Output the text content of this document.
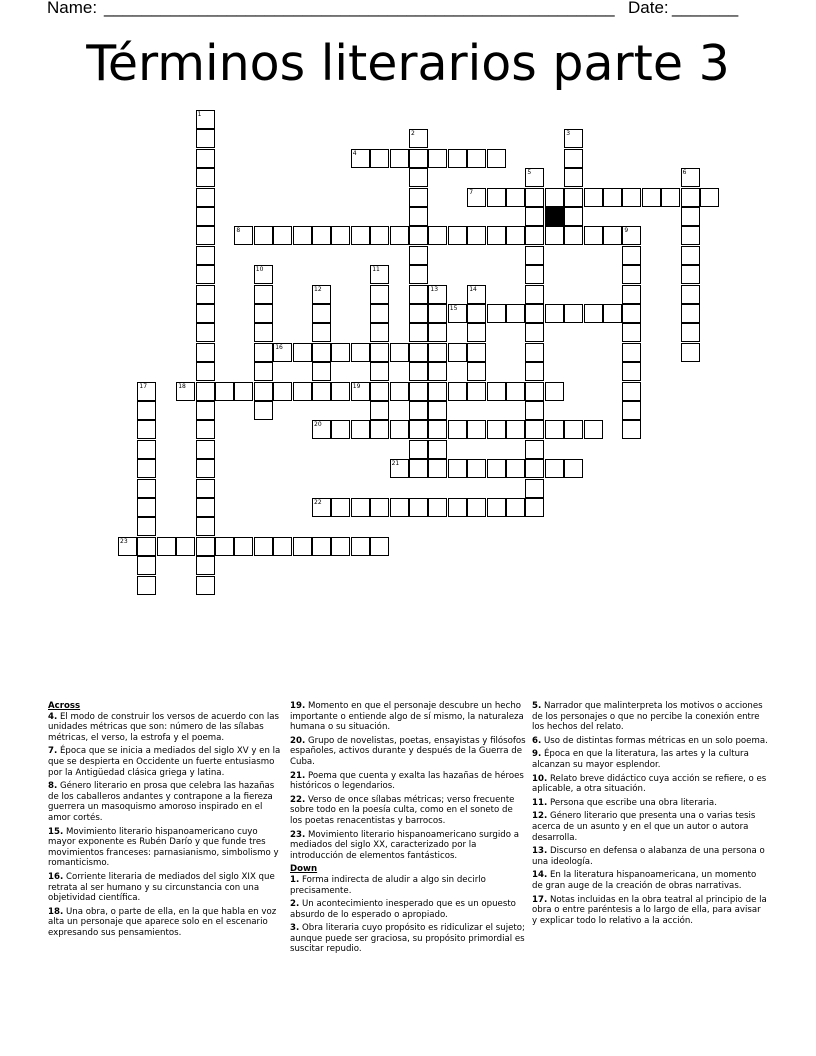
Name: ______________________________________________________ Date: _______
Términos literarios parte 3
4
7
8
15
16
18	19
20
21
22
23
1
2	3
5	6
9
10	11
12	13	14
17

Across

4. El modo de construir los versos de acuerdo con las unidades métricas que son: número de las sílabas métricas, el verso, la estrofa y el poema.

7. Época que se inicia a mediados del siglo XV y en la que se despierta en Occidente un fuerte entusiasmo por la Antigüedad clásica griega y latina.

8. Género literario en prosa que celebra las hazañas de los caballeros andantes y contrapone a la fiereza guerrera un masoquismo amoroso inspirado en el amor cortés.

15. Movimiento literario hispanoamericano cuyo mayor exponente es Rubén Darío y que funde tres movimientos franceses: parnasianismo, simbolismo y romanticismo.

16. Corriente literaria de mediados del siglo XIX que retrata al ser humano y su circunstancia con una objetividad científica.

18. Una obra, o parte de ella, en la que habla en voz alta un personaje que aparece solo en el escenario expresando sus pensamientos.

19. Momento en que el personaje descubre un hecho importante o entiende algo de sí mismo, la naturaleza humana o su situación.

20. Grupo de novelistas, poetas, ensayistas y filósofos españoles, activos durante y después de la Guerra de Cuba.

21. Poema que cuenta y exalta las hazañas de héroes históricos o legendarios.

22. Verso de once sílabas métricas; verso frecuente sobre todo en la poesía culta, como en el soneto de los poetas renacentistas y barrocos.

23. Movimiento literario hispanoamericano surgido a mediados del siglo XX, caracterizado por la introducción de elementos fantásticos.

Down

1. Forma indirecta de aludir a algo sin decirlo precisamente.

2. Un acontecimiento inesperado que es un opuesto absurdo de lo esperado o apropiado.

3. Obra literaria cuyo propósito es ridiculizar el sujeto; aunque puede ser graciosa, su propósito primordial es suscitar repudio.

5. Narrador que malinterpreta los motivos o acciones de los personajes o que no percibe la conexión entre los hechos del relato.

6. Uso de distintas formas métricas en un solo poema.

9. Época en que la literatura, las artes y la cultura alcanzan su mayor esplendor.

10. Relato breve didáctico cuya acción se refiere, o es aplicable, a otra situación.

11. Persona que escribe una obra literaria.

12. Género literario que presenta una o varias tesis acerca de un asunto y en el que un autor o autora desarrolla.

13. Discurso en defensa o alabanza de una persona o una ideología.

14. En la literatura hispanoamericana, un momento de gran auge de la creación de obras narrativas.

17. Notas incluidas en la obra teatral al principio de la obra o entre paréntesis a lo largo de ella, para avisar y explicar todo lo relativo a la acción.
